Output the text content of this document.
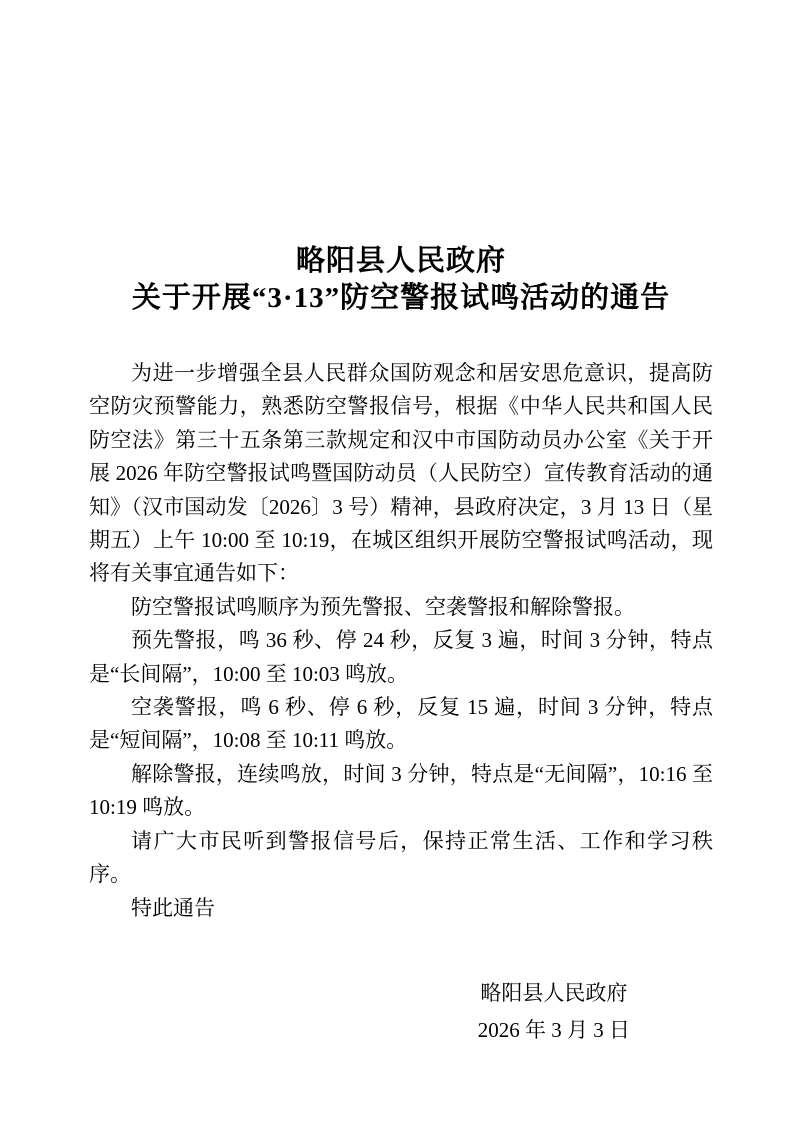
略阳县人民政府
关于开展“3·13”防空警报试鸣活动的通告

为进一步增强全县人民群众国防观念和居安思危意识，提高防空防灾预警能力，熟悉防空警报信号，根据《中华人民共和国人民防空法》第三十五条第三款规定和汉中市国防动员办公室《关于开展 2026 年防空警报试鸣暨国防动员（人民防空）宣传教育活动的通知》（汉市国动发〔2026〕3 号）精神，县政府决定，3 月 13 日（星期五）上午 10:00 至 10:19，在城区组织开展防空警报试鸣活动，现将有关事宜通告如下：

防空警报试鸣顺序为预先警报、空袭警报和解除警报。

预先警报，鸣 36 秒、停 24 秒，反复 3 遍，时间 3 分钟，特点是“长间隔”，10:00 至 10:03 鸣放。

空袭警报，鸣 6 秒、停 6 秒，反复 15 遍，时间 3 分钟，特点是“短间隔”，10:08 至 10:11 鸣放。

解除警报，连续鸣放，时间 3 分钟，特点是“无间隔”，10:16 至 10:19 鸣放。

请广大市民听到警报信号后，保持正常生活、工作和学习秩序。

特此通告

略阳县人民政府
2026 年 3 月 3 日
